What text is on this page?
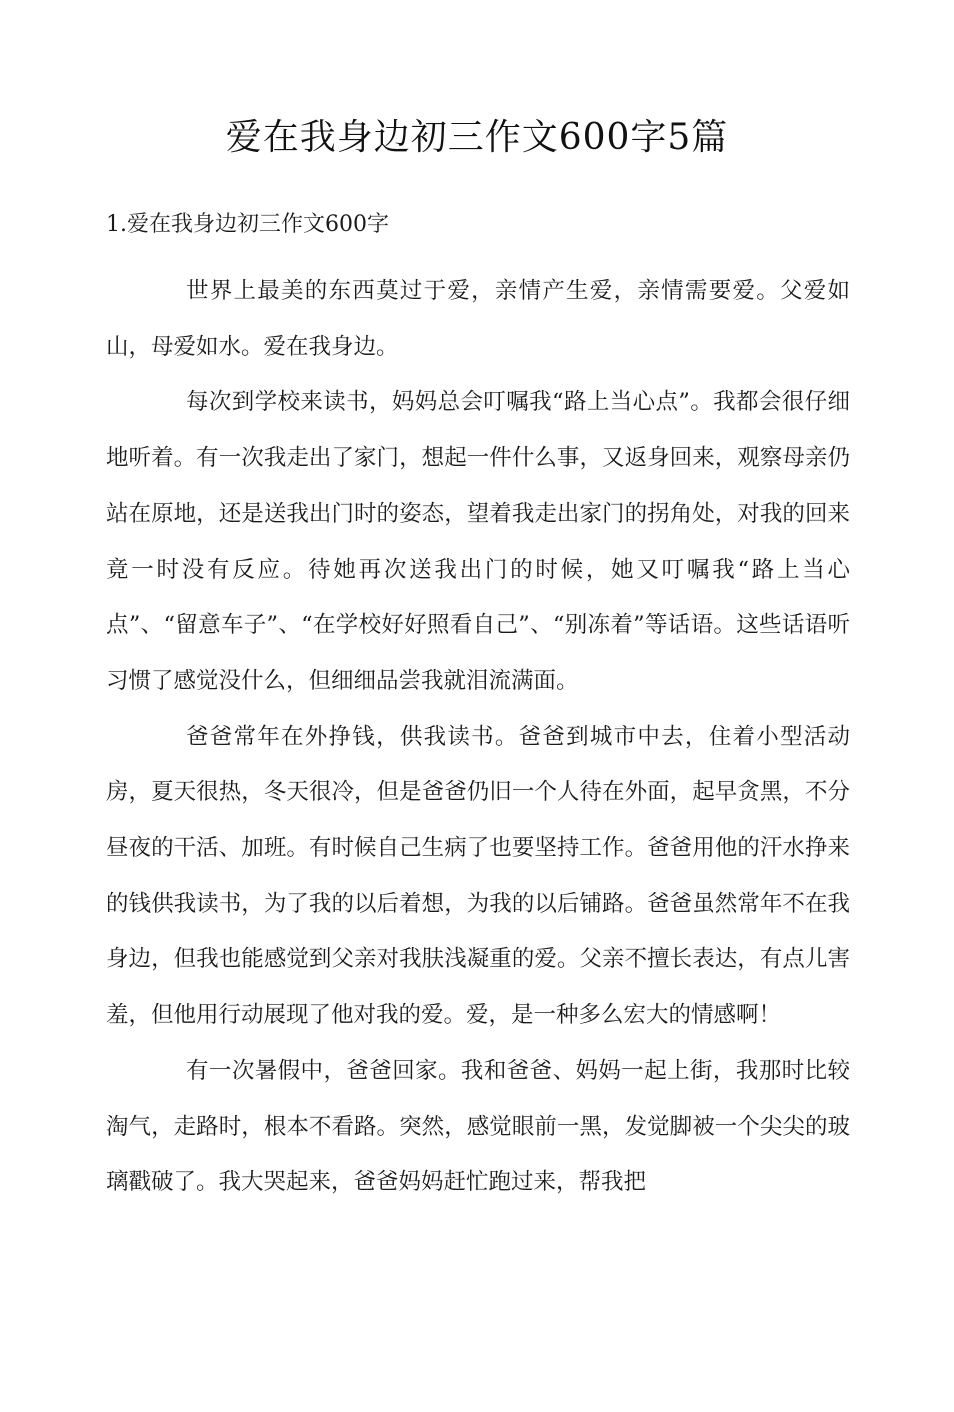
爱在我身边初三作文600字5篇

1.爱在我身边初三作文600字

世界上最美的东西莫过于爱，亲情产生爱，亲情需要爱。父爱如山，母爱如水。爱在我身边。

每次到学校来读书，妈妈总会叮嘱我“路上当心点”。我都会很仔细地听着。有一次我走出了家门，想起一件什么事，又返身回来，观察母亲仍站在原地，还是送我出门时的姿态，望着我走出家门的拐角处，对我的回来竟一时没有反应。待她再次送我出门的时候，她又叮嘱我“路上当心点”、“留意车子”、“在学校好好照看自己”、“别冻着”等话语。这些话语听习惯了感觉没什么，但细细品尝我就泪流满面。

爸爸常年在外挣钱，供我读书。爸爸到城市中去，住着小型活动房，夏天很热，冬天很冷，但是爸爸仍旧一个人待在外面，起早贪黑，不分昼夜的干活、加班。有时候自己生病了也要坚持工作。爸爸用他的汗水挣来的钱供我读书，为了我的以后着想，为我的以后铺路。爸爸虽然常年不在我身边，但我也能感觉到父亲对我肤浅凝重的爱。父亲不擅长表达，有点儿害羞，但他用行动展现了他对我的爱。爱，是一种多么宏大的情感啊！

有一次暑假中，爸爸回家。我和爸爸、妈妈一起上街，我那时比较淘气，走路时，根本不看路。突然，感觉眼前一黑，发觉脚被一个尖尖的玻璃戳破了。我大哭起来，爸爸妈妈赶忙跑过来，帮我把
